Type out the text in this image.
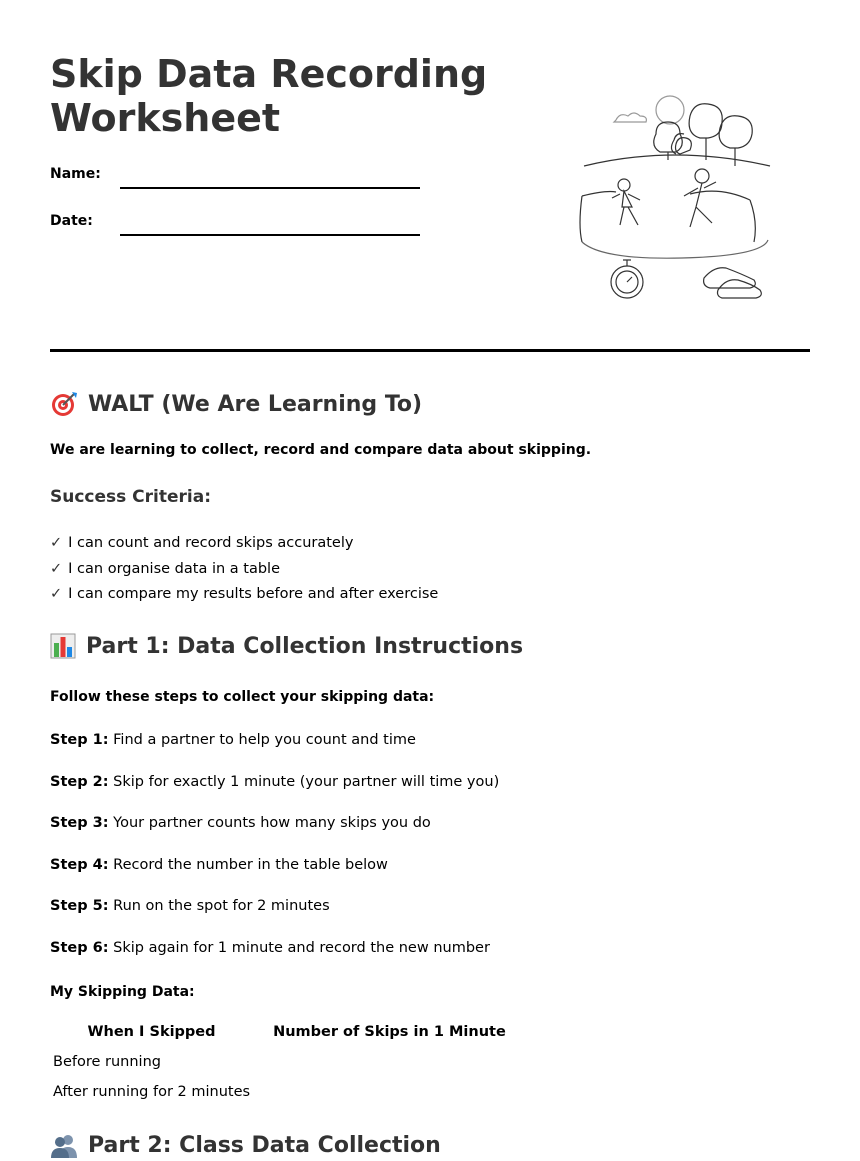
Skip Data Recording
Worksheet
Name:
Date:
WALT (We Are Learning To)
We are learning to collect, record and compare data about skipping.
Success Criteria:
✓ I can count and record skips accurately
✓ I can organise data in a table
✓ I can compare my results before and after exercise
Part 1: Data Collection Instructions
Follow these steps to collect your skipping data:
Step 1: Find a partner to help you count and time
Step 2: Skip for exactly 1 minute (your partner will time you)
Step 3: Your partner counts how many skips you do
Step 4: Record the number in the table below
Step 5: Run on the spot for 2 minutes
Step 6: Skip again for 1 minute and record the new number
My Skipping Data:
When I Skipped	Number of Skips in 1 Minute
Before running	
After running for 2 minutes	
Part 2: Class Data Collection
